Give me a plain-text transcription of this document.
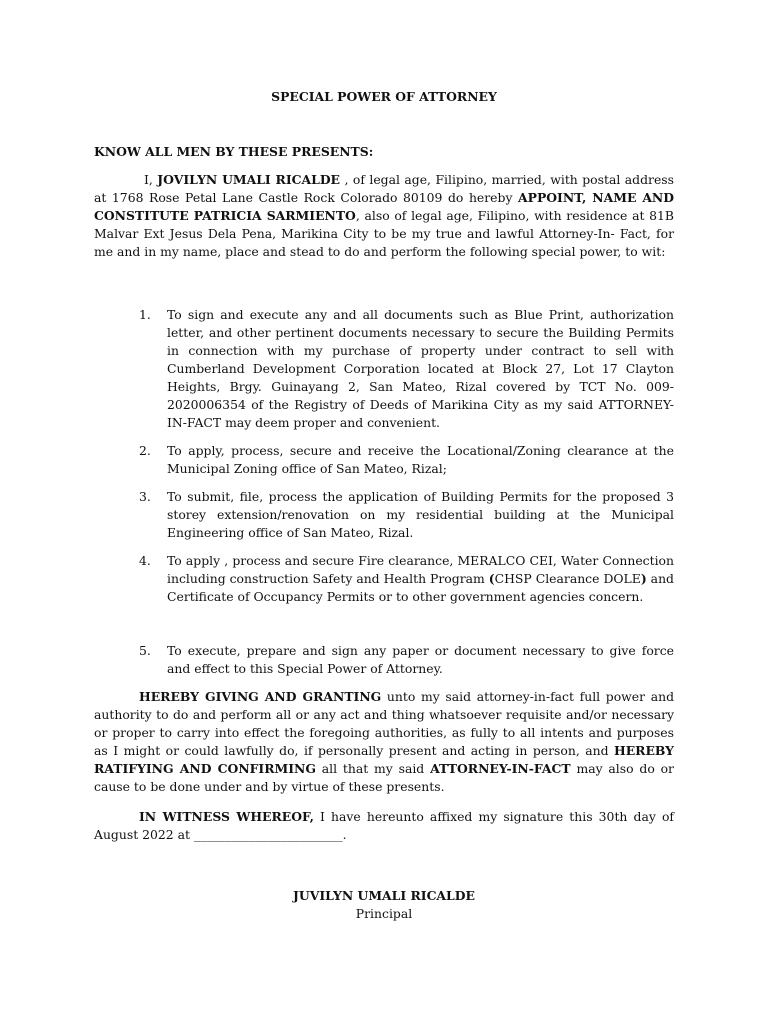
SPECIAL POWER OF ATTORNEY
KNOW ALL MEN BY THESE PRESENTS:

I, JOVILYN UMALI RICALDE , of legal age, Filipino, married, with postal address at 1768 Rose Petal Lane Castle Rock Colorado 80109 do hereby APPOINT, NAME AND CONSTITUTE PATRICIA SARMIENTO, also of legal age, Filipino, with residence at 81B Malvar Ext Jesus Dela Pena, Marikina City to be my true and lawful Attorney-In- Fact, for me and in my name, place and stead to do and perform the following special power, to wit:

1.	To sign and execute any and all documents such as Blue Print, authorization letter, and other pertinent documents necessary to secure the Building Permits in connection with my purchase of property under contract to sell with Cumberland Development Corporation located at Block 27, Lot 17 Clayton Heights, Brgy. Guinayang 2, San Mateo, Rizal covered by TCT No. 009-2020006354 of the Registry of Deeds of Marikina City as my said ATTORNEY-IN-FACT may deem proper and convenient.
2.	To apply, process, secure and receive the Locational/Zoning clearance at the Municipal Zoning office of San Mateo, Rizal;
3.	To submit, file, process the application of Building Permits for the proposed 3 storey extension/renovation on my residential building at the Municipal Engineering office of San Mateo, Rizal.
4.	To apply , process and secure Fire clearance, MERALCO CEI, Water Connection including construction Safety and Health Program (CHSP Clearance DOLE) and Certificate of Occupancy Permits or to other government agencies concern.
5.	To execute, prepare and sign any paper or document necessary to give force and effect to this Special Power of Attorney.

HEREBY GIVING AND GRANTING unto my said attorney-in-fact full power and authority to do and perform all or any act and thing whatsoever requisite and/or necessary or proper to carry into effect the foregoing authorities, as fully to all intents and purposes as I might or could lawfully do, if personally present and acting in person, and HEREBY RATIFYING AND CONFIRMING all that my said ATTORNEY-IN-FACT may also do or cause to be done under and by virtue of these presents.

IN WITNESS WHEREOF, I have hereunto affixed my signature this 30th day of August 2022 at ________________________.

JUVILYN UMALI RICALDE
Principal
